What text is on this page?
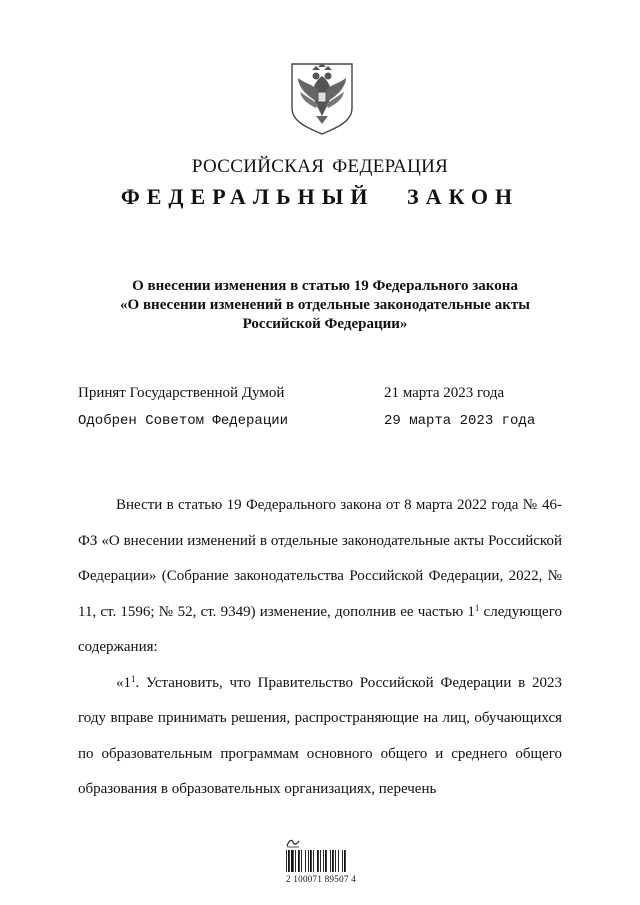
РОССИЙСКАЯ ФЕДЕРАЦИЯ
ФЕДЕРАЛЬНЫЙ ЗАКОН
О внесении изменения в статью 19 Федерального закона
«О внесении изменений в отдельные законодательные акты
Российской Федерации»
Принят Государственной Думой	21 марта 2023 года
Одобрен Советом Федерации	29 марта 2023 года

Внести в статью 19 Федерального закона от 8 марта 2022 года № 46-ФЗ «О внесении изменений в отдельные законодательные акты Российской Федерации» (Собрание законодательства Российской Федерации, 2022, № 11, ст. 1596; № 52, ст. 9349) изменение, дополнив ее частью $1^1$ следующего содержания:

«$1^1$. Установить, что Правительство Российской Федерации в 2023 году вправе принимать решения, распространяющие на лиц, обучающихся по образовательным программам основного общего и среднего общего образования в образовательных организациях, перечень

2 100071 89507 4
